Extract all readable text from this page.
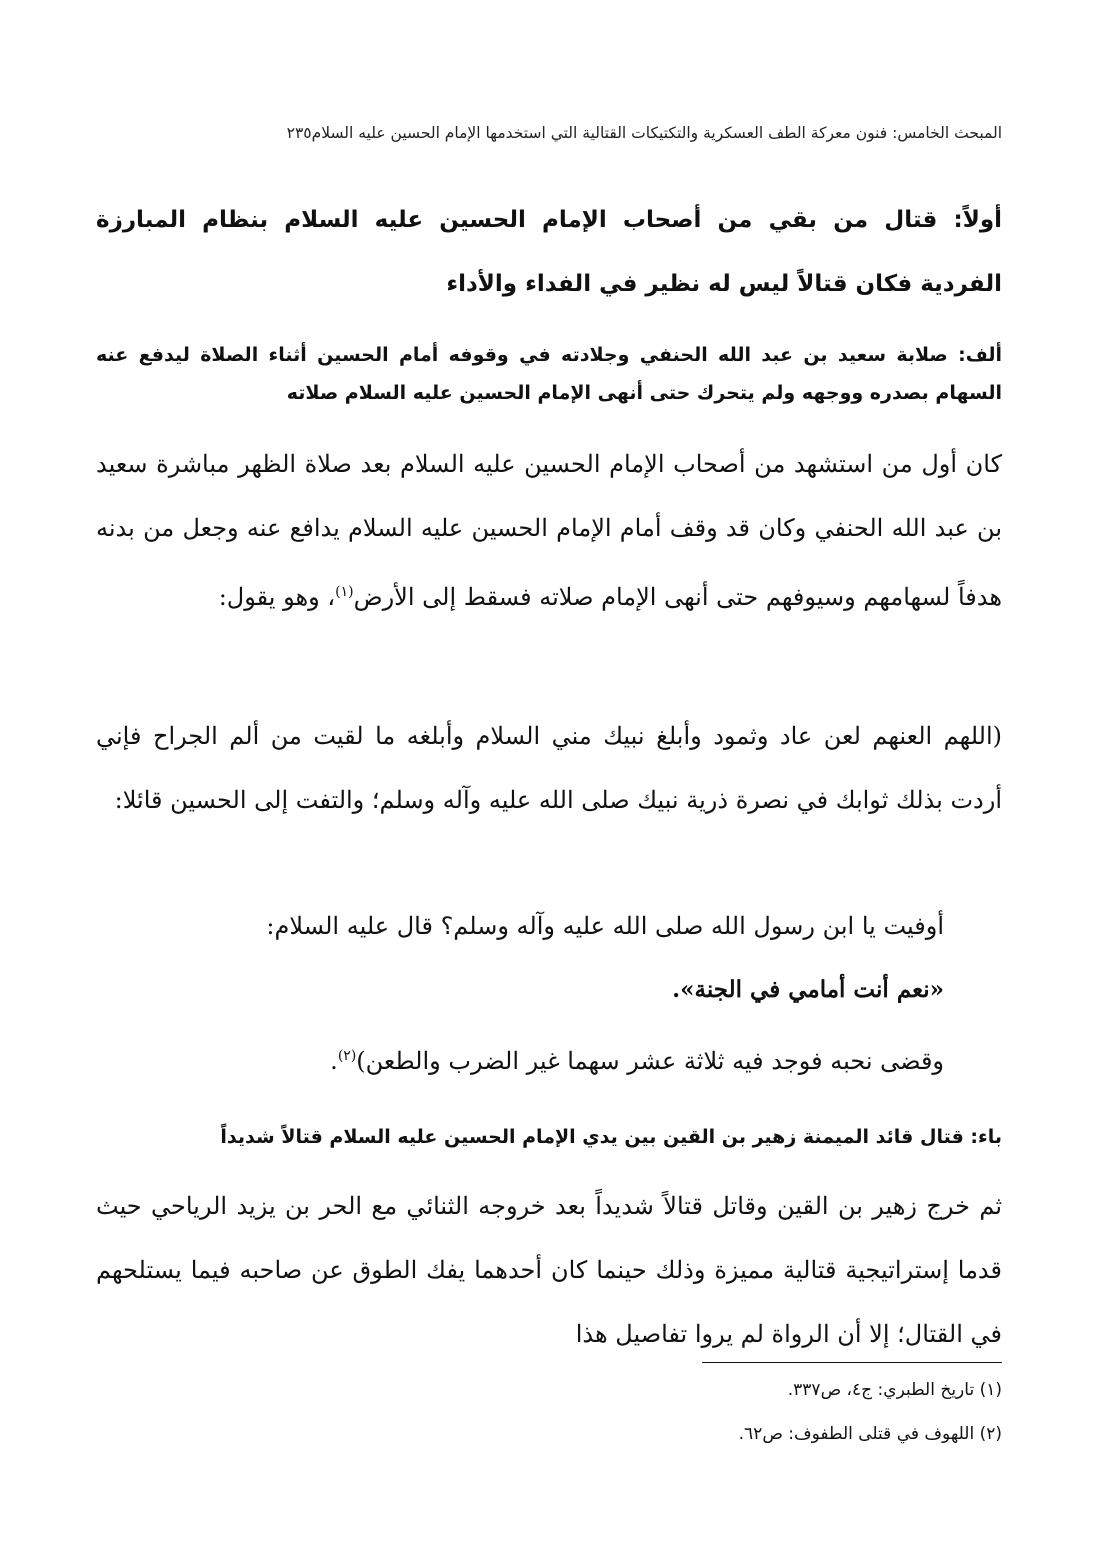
المبحث الخامس: فنون معركة الطف العسكرية والتكتيكات القتالية التي استخدمها الإمام الحسين عليه السلام٢٣٥
أولاً: قتال من بقي من أصحاب الإمام الحسين عليه السلام بنظام المبارزة الفردية فكان قتالاً ليس له نظير في الفداء والأداء
ألف: صلابة سعيد بن عبد الله الحنفي وجلادته في وقوفه أمام الحسين أثناء الصلاة ليدفع عنه السهام بصدره ووجهه ولم يتحرك حتى أنهى الإمام الحسين عليه السلام صلاته
كان أول من استشهد من أصحاب الإمام الحسين عليه السلام بعد صلاة الظهر مباشرة سعيد بن عبد الله الحنفي وكان قد وقف أمام الإمام الحسين عليه السلام يدافع عنه وجعل من بدنه هدفاً لسهامهم وسيوفهم حتى أنهى الإمام صلاته فسقط إلى الأرض$^{(١)}$، وهو يقول:
(اللهم العنهم لعن عاد وثمود وأبلغ نبيك مني السلام وأبلغه ما لقيت من ألم الجراح فإني أردت بذلك ثوابك في نصرة ذرية نبيك صلى الله عليه وآله وسلم؛ والتفت إلى الحسين قائلا:
أوفيت يا ابن رسول الله صلى الله عليه وآله وسلم؟ قال عليه السلام:
«نعم أنت أمامي في الجنة».
وقضى نحبه فوجد فيه ثلاثة عشر سهما غير الضرب والطعن)$^{(٢)}$.
باء: قتال قائد الميمنة زهير بن القين بين يدي الإمام الحسين عليه السلام قتالاً شديداً
ثم خرج زهير بن القين وقاتل قتالاً شديداً بعد خروجه الثنائي مع الحر بن يزيد الرياحي حيث قدما إستراتيجية قتالية مميزة وذلك حينما كان أحدهما يفك الطوق عن صاحبه فيما يستلحهم في القتال؛ إلا أن الرواة لم يروا تفاصيل هذا
(١) تاريخ الطبري: ج٤، ص٣٣٧.
(٢) اللهوف في قتلى الطفوف: ص٦٢.
